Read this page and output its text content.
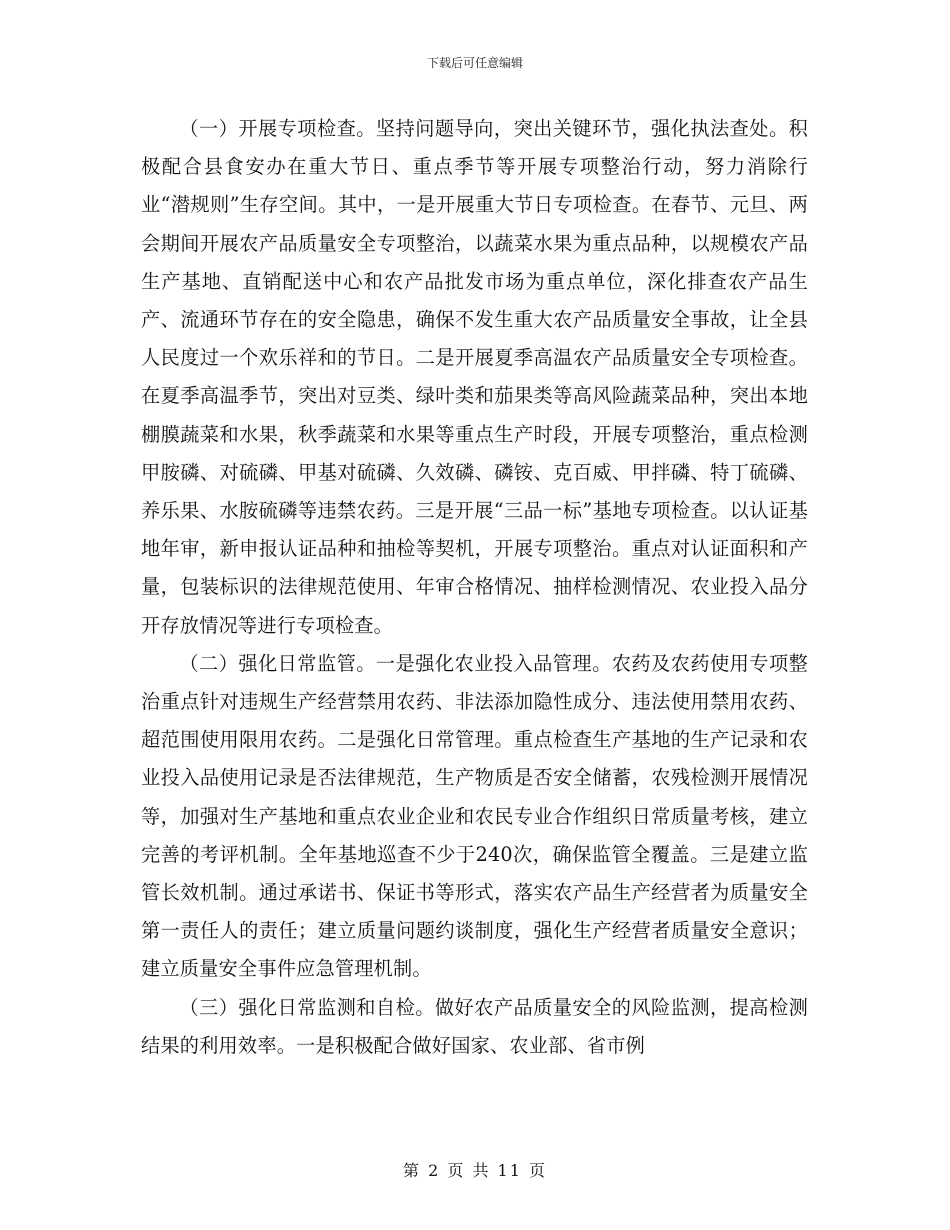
下载后可任意编辑

（一）开展专项检查。坚持问题导向，突出关键环节，强化执法查处。积极配合县食安办在重大节日、重点季节等开展专项整治行动，努力消除行业“潜规则”生存空间。其中，一是开展重大节日专项检查。在春节、元旦、两会期间开展农产品质量安全专项整治，以蔬菜水果为重点品种，以规模农产品生产基地、直销配送中心和农产品批发市场为重点单位，深化排查农产品生产、流通环节存在的安全隐患，确保不发生重大农产品质量安全事故，让全县人民度过一个欢乐祥和的节日。二是开展夏季高温农产品质量安全专项检查。在夏季高温季节，突出对豆类、绿叶类和茄果类等高风险蔬菜品种，突出本地棚膜蔬菜和水果，秋季蔬菜和水果等重点生产时段，开展专项整治，重点检测甲胺磷、对硫磷、甲基对硫磷、久效磷、磷铵、克百威、甲拌磷、特丁硫磷、养乐果、水胺硫磷等违禁农药。三是开展“三品一标”基地专项检查。以认证基地年审，新申报认证品种和抽检等契机，开展专项整治。重点对认证面积和产量，包装标识的法律规范使用、年审合格情况、抽样检测情况、农业投入品分开存放情况等进行专项检查。

（二）强化日常监管。一是强化农业投入品管理。农药及农药使用专项整治重点针对违规生产经营禁用农药、非法添加隐性成分、违法使用禁用农药、超范围使用限用农药。二是强化日常管理。重点检查生产基地的生产记录和农业投入品使用记录是否法律规范，生产物质是否安全储蓄，农残检测开展情况等，加强对生产基地和重点农业企业和农民专业合作组织日常质量考核，建立完善的考评机制。全年基地巡查不少于240次，确保监管全覆盖。三是建立监管长效机制。通过承诺书、保证书等形式，落实农产品生产经营者为质量安全第一责任人的责任；建立质量问题约谈制度，强化生产经营者质量安全意识；建立质量安全事件应急管理机制。

（三）强化日常监测和自检。做好农产品质量安全的风险监测，提高检测结果的利用效率。一是积极配合做好国家、农业部、省市例

第 2 页 共 11 页
